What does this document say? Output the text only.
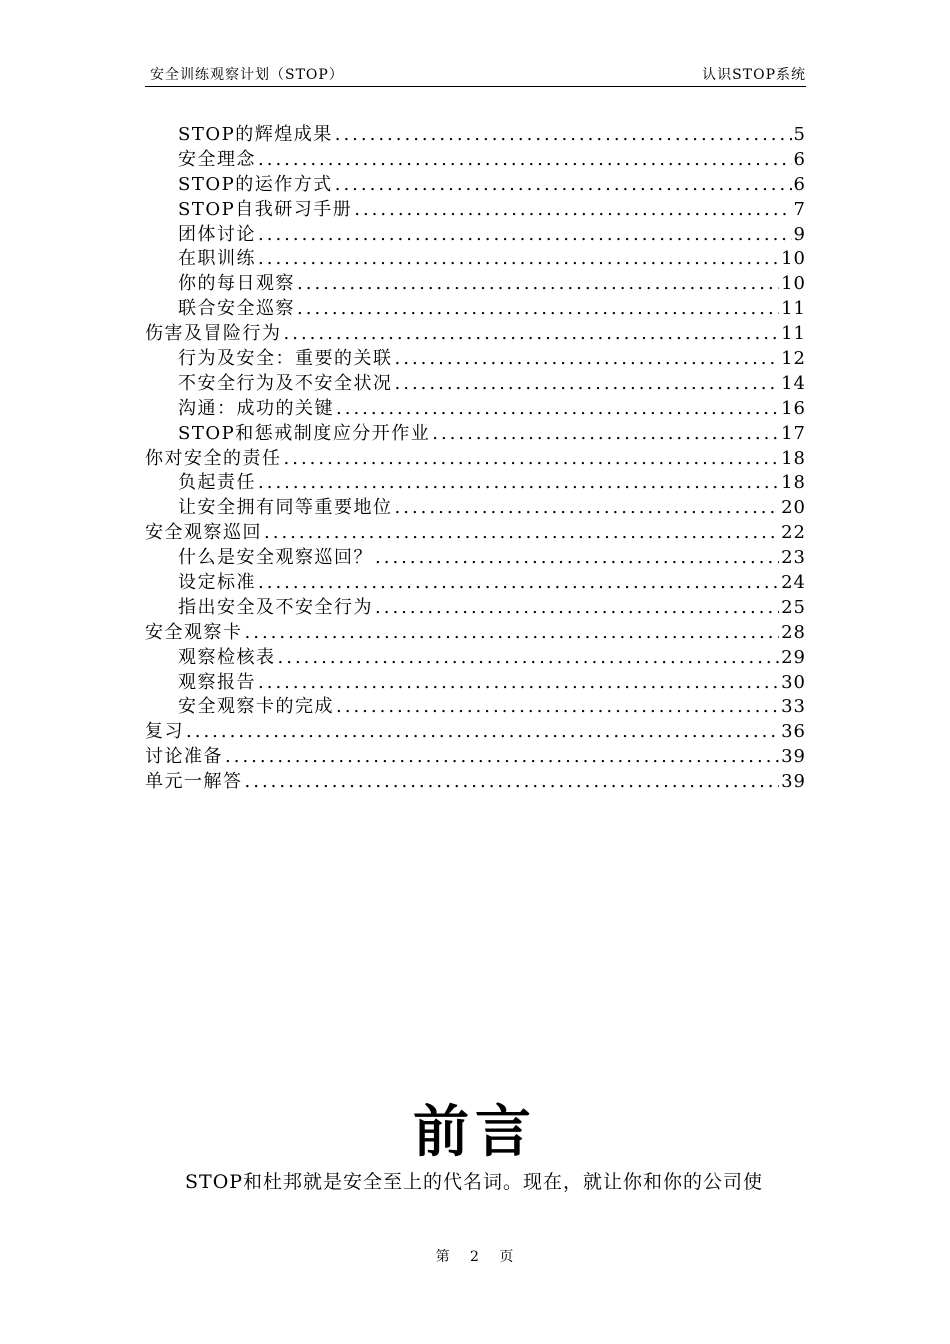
安全训练观察计划（STOP）	认识STOP系统
STOP的辉煌成果 .....	5
安全理念 .....	6
STOP的运作方式 .....	6
STOP自我研习手册 .....	7
团体讨论 .....	9
在职训练 .....	10
你的每日观察 .....	10
联合安全巡察 .....	11
伤害及冒险行为 .....	11
行为及安全：重要的关联 .....	12
不安全行为及不安全状况 .....	14
沟通：成功的关键 .....	16
STOP和惩戒制度应分开作业 .....	17
你对安全的责任 .....	18
负起责任 .....	18
让安全拥有同等重要地位 .....	20
安全观察巡回 .....	22
什么是安全观察巡回？ .....	23
设定标准 .....	24
指出安全及不安全行为 .....	25
安全观察卡 .....	28
观察检核表 .....	29
观察报告 .....	30
安全观察卡的完成 .....	33
复习 .....	36
讨论准备 .....	39
单元一解答 .....	39
前言
STOP和杜邦就是安全至上的代名词。现在，就让你和你的公司使
第 2 页
